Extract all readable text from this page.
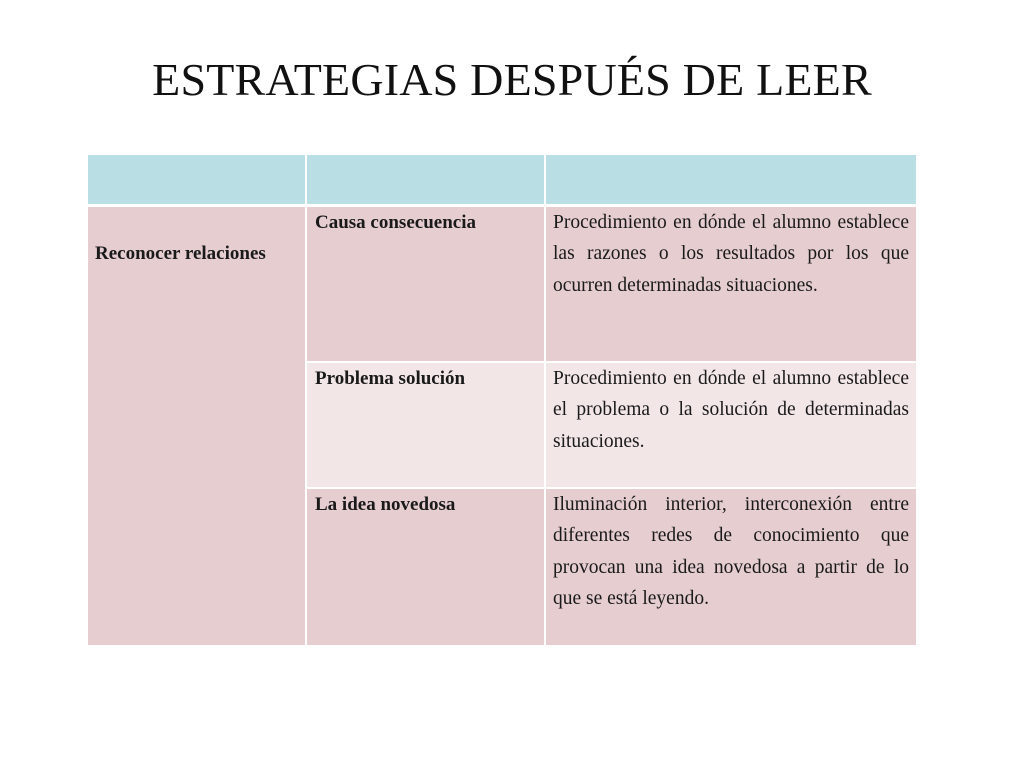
ESTRATEGIAS DESPUÉS DE LEER

Reconocer relaciones	Causa consecuencia	Procedimiento en dónde el alumno establece las razones o los resultados por los que ocurren determinadas situaciones.

	Problema solución	Procedimiento en dónde el alumno establece el problema o la solución de determinadas situaciones.

	La idea novedosa	Iluminación interior, interconexión entre diferentes redes de conocimiento que provocan una idea novedosa a partir de lo que se está leyendo.
